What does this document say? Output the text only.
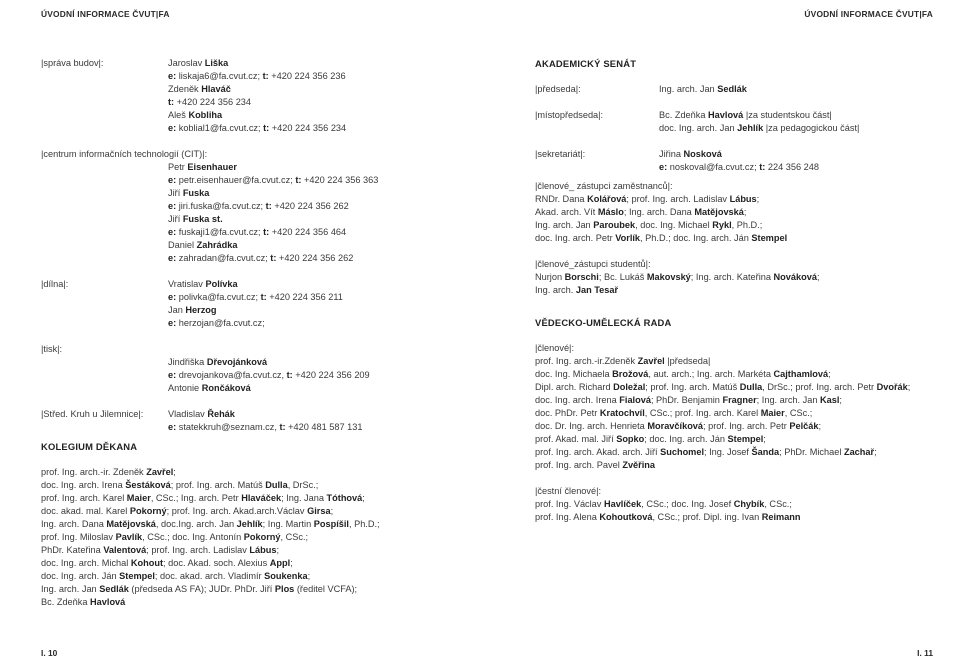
ÚVODNÍ INFORMACE ČVUT|FA	ÚVODNÍ INFORMACE ČVUT|FA
|správa budov|:	Jaroslav Liška
e: liskaja6@fa.cvut.cz; t: +420 224 356 236
Zdeněk Hlaváč
t: +420 224 356 234
Aleš Kobliha
e: koblial1@fa.cvut.cz; t: +420 224 356 234
|centrum informačních technologií (CIT)|:
Petr Eisenhauer
e: petr.eisenhauer@fa.cvut.cz; t: +420 224 356 363
Jiří Fuska
e: jiri.fuska@fa.cvut.cz; t: +420 224 356 262
Jiří Fuska st.
e: fuskaji1@fa.cvut.cz; t: +420 224 356 464
Daniel Zahrádka
e: zahradan@fa.cvut.cz; t: +420 224 356 262
|dílna|:	Vratislav Polívka
e: polivka@fa.cvut.cz; t: +420 224 356 211
Jan Herzog
e: herzojan@fa.cvut.cz;
|tisk|:
Jindřiška Dřevojánková
e: drevojankova@fa.cvut.cz, t: +420 224 356 209
Antonie Rončáková
|Střed. Kruh u Jilemnice|:	Vladislav Řehák
e: statekkruh@seznam.cz, t: +420 481 587 131
KOLEGIUM DĚKANA
prof. Ing. arch.-ir. Zdeněk Zavřel;
doc. Ing. arch. Irena Šestáková; prof. Ing. arch. Matúš Dulla, DrSc.;
prof. Ing. arch. Karel Maier, CSc.; Ing. arch. Petr Hlaváček; Ing. Jana Tóthová;
doc. akad. mal. Karel Pokorný; prof. Ing. arch. Akad.arch.Václav Girsa;
Ing. arch. Dana Matějovská, doc.Ing. arch. Jan Jehlík; Ing. Martin Pospíšil, Ph.D.;
prof. Ing. Miloslav Pavlík, CSc.; doc. Ing. Antonín Pokorný, CSc.;
PhDr. Kateřina Valentová; prof. Ing. arch. Ladislav Lábus;
doc. Ing. arch. Michal Kohout; doc. Akad. soch. Alexius Appl;
doc. Ing. arch. Ján Stempel; doc. akad. arch. Vladimír Soukenka;
Ing. arch. Jan Sedlák (předseda AS FA); JUDr. PhDr. Jiří Plos (ředitel VCFA);
Bc. Zdeňka Havlová
AKADEMICKÝ SENÁT
|předseda|:	Ing. arch. Jan Sedlák
|místopředseda|:	Bc. Zdeňka Havlová |za studentskou část|
doc. Ing. arch. Jan Jehlík |za pedagogickou část|
|sekretariát|:	Jiřina Nosková
e: noskoval@fa.cvut.cz; t: 224 356 248
|členové_ zástupci zaměstnanců|:
RNDr. Dana Kolářová; prof. Ing. arch. Ladislav Lábus;
Akad. arch. Vít Máslo; Ing. arch. Dana Matějovská;
Ing. arch. Jan Paroubek, doc. Ing. Michael Rykl, Ph.D.;
doc. Ing. arch. Petr Vorlík, Ph.D.; doc. Ing. arch. Ján Stempel
|členové_zástupci studentů|:
Nurjon Borschi; Bc. Lukáš Makovský; Ing. arch. Kateřina Nováková;
Ing. arch. Jan Tesař
VĚDECKO-UMĚLECKÁ RADA
|členové|:
prof. Ing. arch.-ir.Zdeněk Zavřel |předseda|
doc. Ing. Michaela Brožová, aut. arch.; Ing. arch. Markéta Cajthamlová;
Dipl. arch. Richard Doležal; prof. Ing. arch. Matúš Dulla, DrSc.; prof. Ing. arch. Petr Dvořák;
doc. Ing. arch. Irena Fialová; PhDr. Benjamin Fragner; Ing. arch. Jan Kasl;
doc. PhDr. Petr Kratochvíl, CSc.; prof. Ing. arch. Karel Maier, CSc.;
doc. Dr. Ing. arch. Henrieta Moravčíková; prof. Ing. arch. Petr Pelčák;
prof. Akad. mal. Jiří Sopko; doc. Ing. arch. Ján Stempel;
prof. Ing. arch. Akad. arch. Jiří Suchomel; Ing. Josef Šanda; PhDr. Michael Zachař;
prof. Ing. arch. Pavel Zvěřina
|čestní členové|:
prof. Ing. Václav Havlíček, CSc.; doc. Ing. Josef Chybík, CSc.;
prof. Ing. Alena Kohoutková, CSc.; prof. Dipl. ing. Ivan Reimann
I. 10	I. 11
